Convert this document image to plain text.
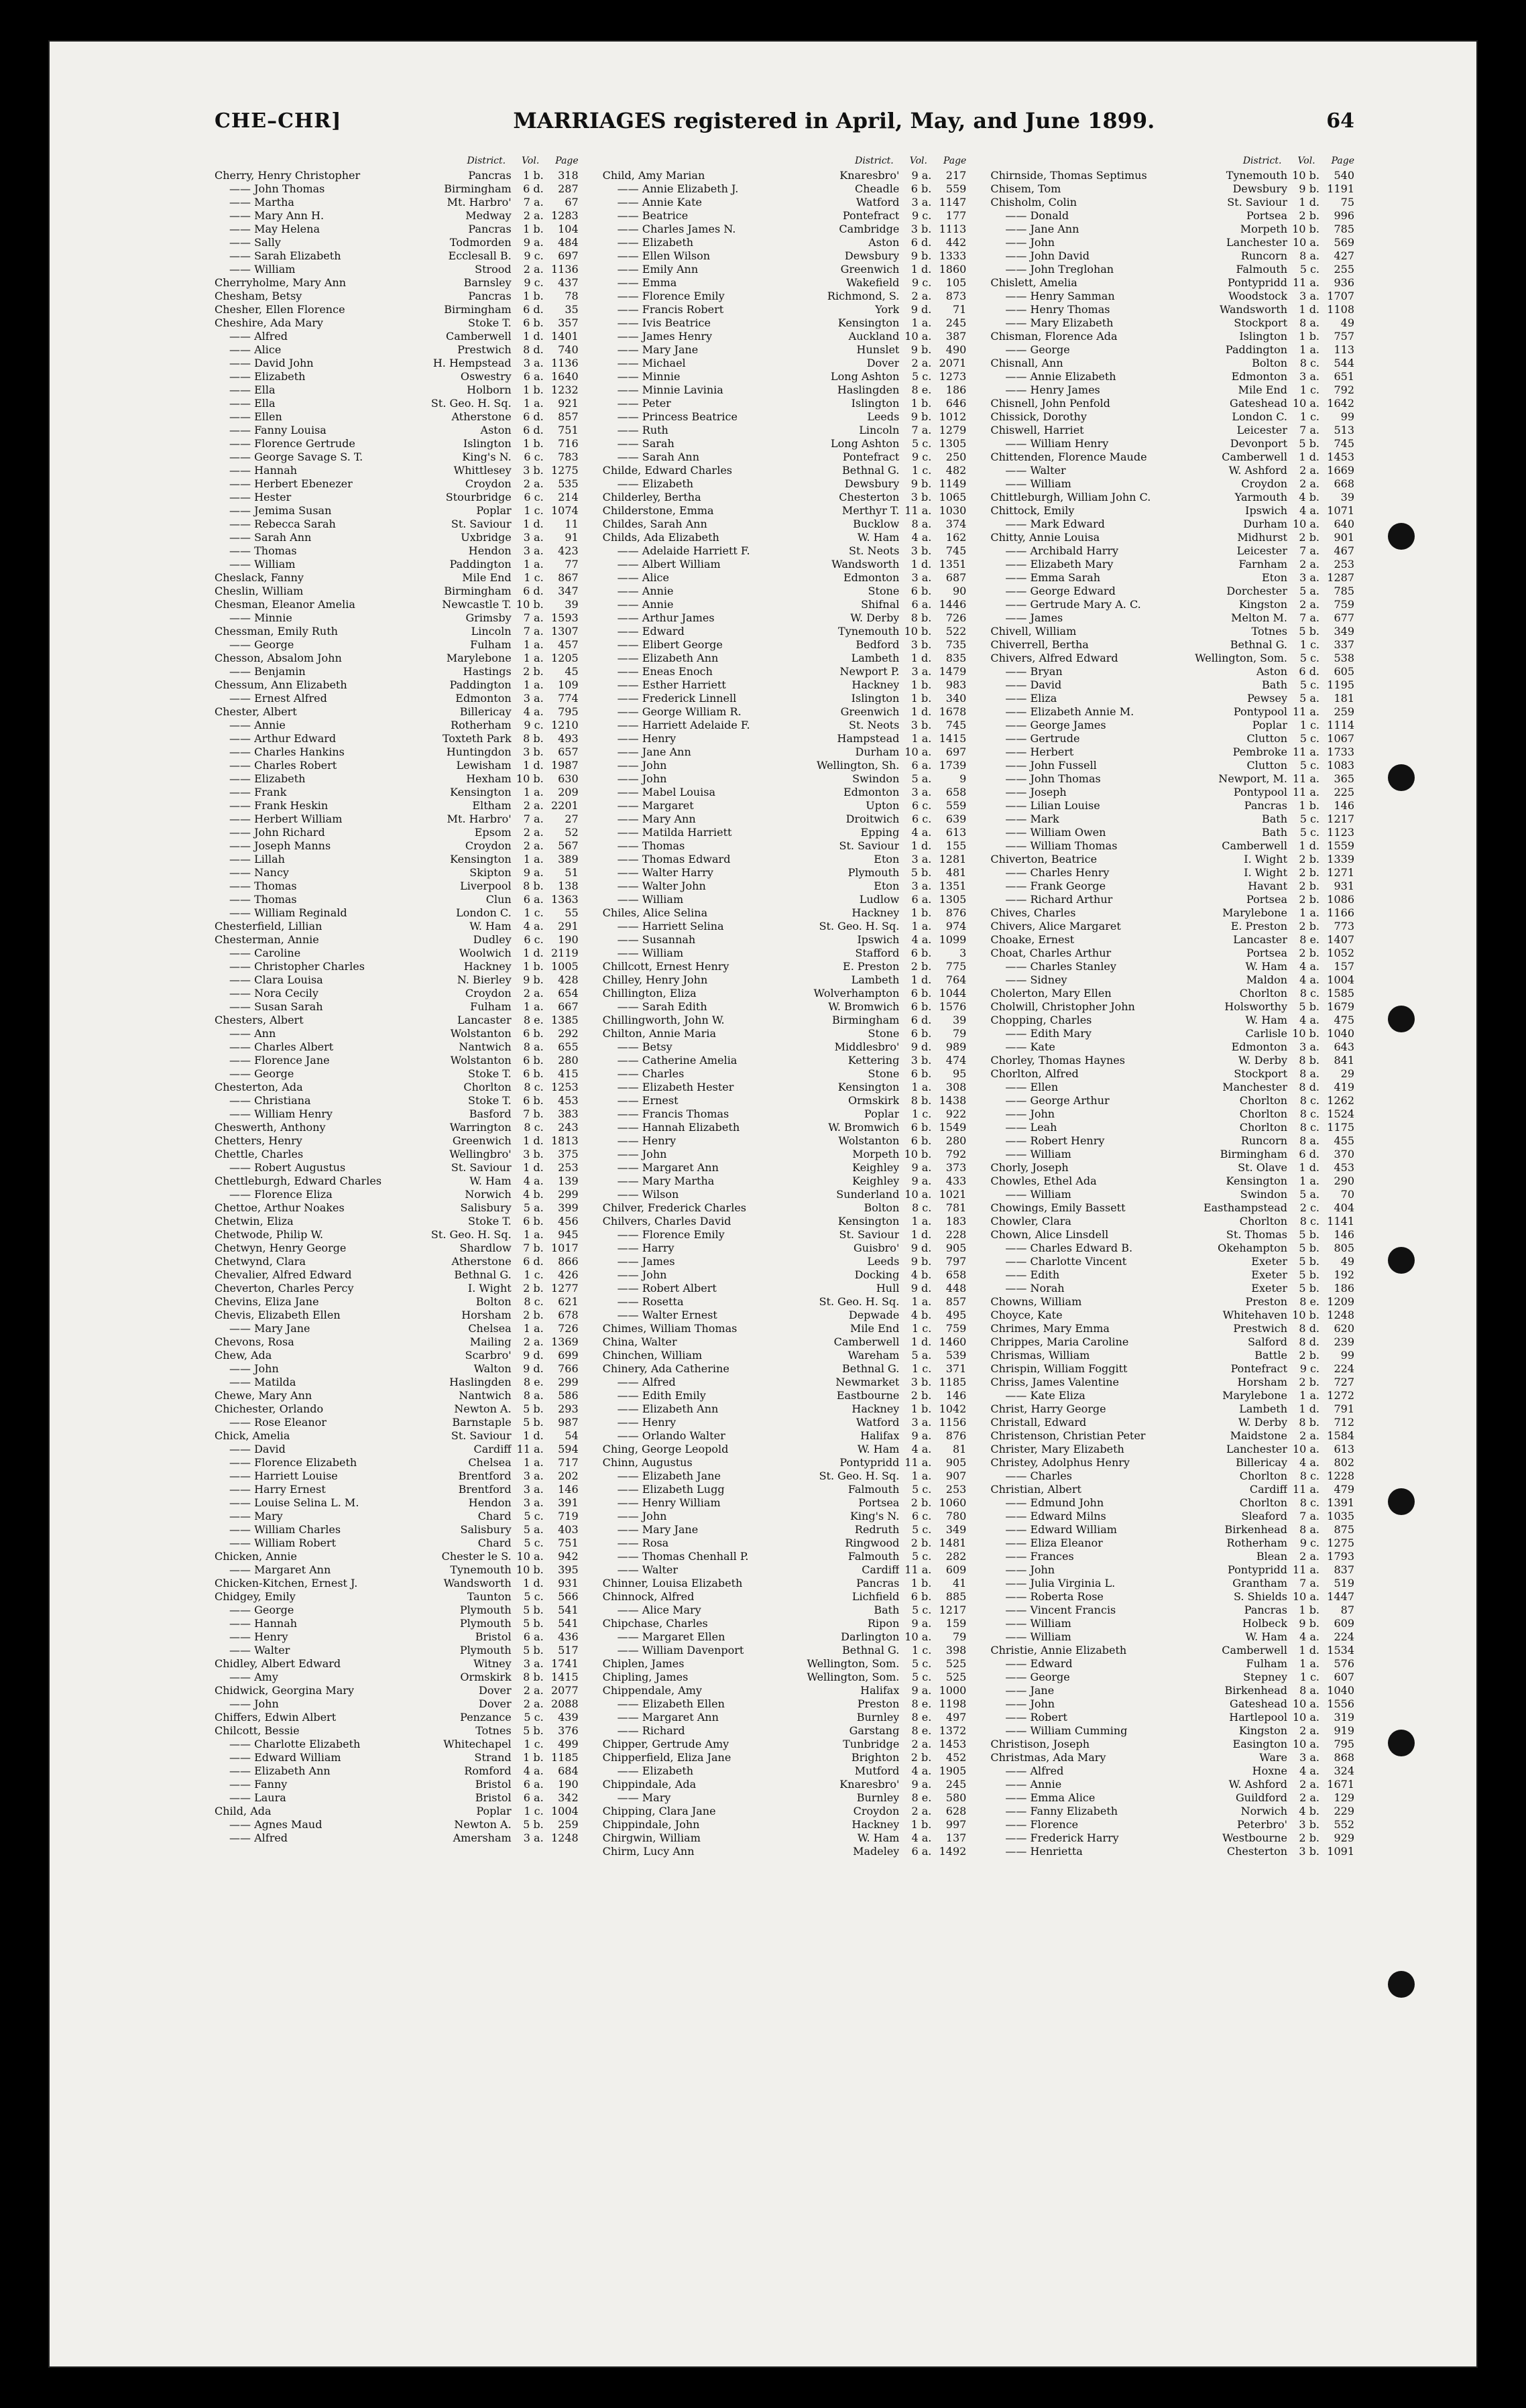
CHE–CHR]	MARRIAGES registered in April, May, and June 1899.	64
District. Vol. Page
Cherry, Henry Christopher	Pancras	1 b.	318
—— John Thomas	Birmingham	6 d.	287
—— Martha	Mt. Harbro'	7 a.	67
—— Mary Ann H.	Medway	2 a. 1283
—— May Helena	Pancras	1 b.	104
—— Sally	Todmorden	9 a.	484
—— Sarah Elizabeth	Ecclesall B.	9 c.	697
—— William	Strood	2 a. 1136
Cherryholme, Mary Ann	Barnsley	9 c.	437
Chesham, Betsy	Pancras	1 b.	78
Chesher, Ellen Florence	Birmingham	6 d.	35
Cheshire, Ada Mary	Stoke T.	6 b.	357
—— Alfred	Camberwell	1 d. 1401
—— Alice	Prestwich	8 d.	740
—— David John	H. Hempstead	3 a. 1136
—— Elizabeth	Oswestry	6 a. 1640
—— Ella	Holborn	1 b. 1232
—— Ella	St. Geo. H. Sq.	1 a.	921
—— Ellen	Atherstone	6 d.	857
—— Fanny Louisa	Aston	6 d.	751
—— Florence Gertrude	Islington	1 b.	716
—— George Savage S. T.	King's N.	6 c.	783
—— Hannah	Whittlesey	3 b. 1275
—— Herbert Ebenezer	Croydon	2 a.	535
—— Hester	Stourbridge	6 c.	214
—— Jemima Susan	Poplar	1 c. 1074
—— Rebecca Sarah	St. Saviour	1 d.	11
—— Sarah Ann	Uxbridge	3 a.	91
—— Thomas	Hendon	3 a.	423
—— William	Paddington	1 a.	77
Cheslack, Fanny	Mile End	1 c.	867
Cheslin, William	Birmingham	6 d.	347
Chesman, Eleanor Amelia	Newcastle T. 10 b.	39
—— Minnie	Grimsby	7 a. 1593
Chessman, Emily Ruth	Lincoln	7 a. 1307
—— George	Fulham	1 a.	457
Chesson, Absalom John	Marylebone	1 a. 1205
—— Benjamin	Hastings	2 b.	45
Chessum, Ann Elizabeth	Paddington	1 a.	109
—— Ernest Alfred	Edmonton	3 a.	774
Chester, Albert	Billericay	4 a.	795
—— Annie	Rotherham	9 c. 1210
—— Arthur Edward	Toxteth Park	8 b.	493
—— Charles Hankins	Huntingdon	3 b.	657
—— Charles Robert	Lewisham	1 d. 1987
—— Elizabeth	Hexham 10 b.	630
—— Frank	Kensington	1 a.	209
—— Frank Heskin	Eltham	2 a. 2201
—— Herbert William	Mt. Harbro'	7 a.	27
—— John Richard	Epsom	2 a.	52
—— Joseph Manns	Croydon	2 a.	567
—— Lillah	Kensington	1 a.	389
—— Nancy	Skipton	9 a.	51
—— Thomas	Liverpool	8 b.	138
—— Thomas	Clun	6 a. 1363
—— William Reginald	London C.	1 c.	55
Chesterfield, Lillian	W. Ham	4 a.	291
Chesterman, Annie	Dudley	6 c.	190
—— Caroline	Woolwich	1 d. 2119
—— Christopher Charles	Hackney	1 b. 1005
—— Clara Louisa	N. Bierley	9 b.	428
—— Nora Cecily	Croydon	2 a.	654
—— Susan Sarah	Fulham	1 a.	667
Chesters, Albert	Lancaster	8 e. 1385
—— Ann	Wolstanton	6 b.	292
—— Charles Albert	Nantwich	8 a.	655
—— Florence Jane	Wolstanton	6 b.	280
—— George	Stoke T.	6 b.	415
Chesterton, Ada	Chorlton	8 c. 1253
—— Christiana	Stoke T.	6 b.	453
—— William Henry	Basford	7 b.	383
Cheswerth, Anthony	Warrington	8 c.	243
Chetters, Henry	Greenwich	1 d. 1813
Chettle, Charles	Wellingbro'	3 b.	375
—— Robert Augustus	St. Saviour	1 d.	253
Chettleburgh, Edward Charles	W. Ham	4 a.	139
—— Florence Eliza	Norwich	4 b.	299
Chettoe, Arthur Noakes	Salisbury	5 a.	399
Chetwin, Eliza	Stoke T.	6 b.	456
Chetwode, Philip W.	St. Geo. H. Sq.	1 a.	945
Chetwyn, Henry George	Shardlow	7 b. 1017
Chetwynd, Clara	Atherstone	6 d.	866
Chevalier, Alfred Edward	Bethnal G.	1 c.	426
Cheverton, Charles Percy	I. Wight	2 b. 1277
Chevins, Eliza Jane	Bolton	8 c.	621
Chevis, Elizabeth Ellen	Horsham	2 b.	678
—— Mary Jane	Chelsea	1 a.	726
Chevons, Rosa	Mailing	2 a. 1369
Chew, Ada	Scarbro'	9 d.	699
—— John	Walton	9 d.	766
—— Matilda	Haslingden	8 e.	299
Chewe, Mary Ann	Nantwich	8 a.	586
Chichester, Orlando	Newton A.	5 b.	293
—— Rose Eleanor	Barnstaple	5 b.	987
Chick, Amelia	St. Saviour	1 d.	54
—— David	Cardiff 11 a.	594
—— Florence Elizabeth	Chelsea	1 a.	717
—— Harriett Louise	Brentford	3 a.	202
—— Harry Ernest	Brentford	3 a.	146
—— Louise Selina L. M.	Hendon	3 a.	391
—— Mary	Chard	5 c.	719
—— William Charles	Salisbury	5 a.	403
—— William Robert	Chard	5 c.	751
Chicken, Annie	Chester le S. 10 a.	942
—— Margaret Ann	Tynemouth 10 b.	395
Chicken-Kitchen, Ernest J.	Wandsworth	1 d.	931
Chidgey, Emily	Taunton	5 c.	566
—— George	Plymouth	5 b.	541
—— Hannah	Plymouth	5 b.	541
—— Henry	Bristol	6 a.	436
—— Walter	Plymouth	5 b.	517
Chidley, Albert Edward	Witney	3 a. 1741
—— Amy	Ormskirk	8 b. 1415
Chidwick, Georgina Mary	Dover	2 a. 2077
—— John	Dover	2 a. 2088
Chiffers, Edwin Albert	Penzance	5 c.	439
Chilcott, Bessie	Totnes	5 b.	376
—— Charlotte Elizabeth	Whitechapel	1 c.	499
—— Edward William	Strand	1 b. 1185
—— Elizabeth Ann	Romford	4 a.	684
—— Fanny	Bristol	6 a.	190
—— Laura	Bristol	6 a.	342
Child, Ada	Poplar	1 c. 1004
—— Agnes Maud	Newton A.	5 b.	259
—— Alfred	Amersham	3 a. 1248
District. Vol. Page
Child, Amy Marian	Knaresbro'	9 a.	217
—— Annie Elizabeth J.	Cheadle	6 b.	559
—— Annie Kate	Watford	3 a. 1147
—— Beatrice	Pontefract	9 c.	177
—— Charles James N.	Cambridge	3 b. 1113
—— Elizabeth	Aston	6 d.	442
—— Ellen Wilson	Dewsbury	9 b. 1333
—— Emily Ann	Greenwich	1 d. 1860
—— Emma	Wakefield	9 c.	105
—— Florence Emily	Richmond, S.	2 a.	873
—— Francis Robert	York	9 d.	71
—— Ivis Beatrice	Kensington	1 a.	245
—— James Henry	Auckland 10 a.	387
—— Mary Jane	Hunslet	9 b.	490
—— Michael	Dover	2 a. 2071
—— Minnie	Long Ashton	5 c. 1273
—— Minnie Lavinia	Haslingden	8 e.	186
—— Peter	Islington	1 b.	646
—— Princess Beatrice	Leeds	9 b. 1012
—— Ruth	Lincoln	7 a. 1279
—— Sarah	Long Ashton	5 c. 1305
—— Sarah Ann	Pontefract	9 c.	250
Childe, Edward Charles	Bethnal G.	1 c.	482
—— Elizabeth	Dewsbury	9 b. 1149
Childerley, Bertha	Chesterton	3 b. 1065
Childerstone, Emma	Merthyr T. 11 a. 1030
Childes, Sarah Ann	Bucklow	8 a.	374
Childs, Ada Elizabeth	W. Ham	4 a.	162
—— Adelaide Harriett F.	St. Neots	3 b.	745
—— Albert William	Wandsworth	1 d. 1351
—— Alice	Edmonton	3 a.	687
—— Annie	Stone	6 b.	90
—— Annie	Shifnal	6 a. 1446
—— Arthur James	W. Derby	8 b.	726
—— Edward	Tynemouth 10 b.	522
—— Elibert George	Bedford	3 b.	735
—— Elizabeth Ann	Lambeth	1 d.	835
—— Eneas Enoch	Newport P.	3 a. 1479
—— Esther Harriett	Hackney	1 b.	983
—— Frederick Linnell	Islington	1 b.	340
—— George William R.	Greenwich	1 d. 1678
—— Harriett Adelaide F.	St. Neots	3 b.	745
—— Henry	Hampstead	1 a. 1415
—— Jane Ann	Durham 10 a.	697
—— John	Wellington, Sh.	6 a. 1739
—— John	Swindon	5 a.	9
—— Mabel Louisa	Edmonton	3 a.	658
—— Margaret	Upton	6 c.	559
—— Mary Ann	Droitwich	6 c.	639
—— Matilda Harriett	Epping	4 a.	613
—— Thomas	St. Saviour	1 d.	155
—— Thomas Edward	Eton	3 a. 1281
—— Walter Harry	Plymouth	5 b.	481
—— Walter John	Eton	3 a. 1351
—— William	Ludlow	6 a. 1305
Chiles, Alice Selina	Hackney	1 b.	876
—— Harriett Selina	St. Geo. H. Sq.	1 a.	974
—— Susannah	Ipswich	4 a. 1099
—— William	Stafford	6 b.	3
Chillcott, Ernest Henry	E. Preston	2 b.	775
Chilley, Henry John	Lambeth	1 d.	764
Chillington, Eliza	Wolverhampton	6 b. 1044
—— Sarah Edith	W. Bromwich	6 b. 1576
Chillingworth, John W.	Birmingham	6 d.	39
Chilton, Annie Maria	Stone	6 b.	79
—— Betsy	Middlesbro'	9 d.	989
—— Catherine Amelia	Kettering	3 b.	474
—— Charles	Stone	6 b.	95
—— Elizabeth Hester	Kensington	1 a.	308
—— Ernest	Ormskirk	8 b. 1438
—— Francis Thomas	Poplar	1 c.	922
—— Hannah Elizabeth	W. Bromwich	6 b. 1549
—— Henry	Wolstanton	6 b.	280
—— John	Morpeth 10 b.	792
—— Margaret Ann	Keighley	9 a.	373
—— Mary Martha	Keighley	9 a.	433
—— Wilson	Sunderland 10 a. 1021
Chilver, Frederick Charles	Bolton	8 c.	781
Chilvers, Charles David	Kensington	1 a.	183
—— Florence Emily	St. Saviour	1 d.	228
—— Harry	Guisbro'	9 d.	905
—— James	Leeds	9 b.	797
—— John	Docking	4 b.	658
—— Robert Albert	Hull	9 d.	448
—— Rosetta	St. Geo. H. Sq.	1 a.	857
—— Walter Ernest	Depwade	4 b.	495
Chimes, William Thomas	Mile End	1 c.	759
China, Walter	Camberwell	1 d. 1460
Chinchen, William	Wareham	5 a.	539
Chinery, Ada Catherine	Bethnal G.	1 c.	371
—— Alfred	Newmarket	3 b. 1185
—— Edith Emily	Eastbourne	2 b.	146
—— Elizabeth Ann	Hackney	1 b. 1042
—— Henry	Watford	3 a. 1156
—— Orlando Walter	Halifax	9 a.	876
Ching, George Leopold	W. Ham	4 a.	81
Chinn, Augustus	Pontypridd 11 a.	905
—— Elizabeth Jane	St. Geo. H. Sq.	1 a.	907
—— Elizabeth Lugg	Falmouth	5 c.	253
—— Henry William	Portsea	2 b. 1060
—— John	King's N.	6 c.	780
—— Mary Jane	Redruth	5 c.	349
—— Rosa	Ringwood	2 b. 1481
—— Thomas Chenhall P.	Falmouth	5 c.	282
—— Walter	Cardiff 11 a.	609
Chinner, Louisa Elizabeth	Pancras	1 b.	41
Chinnock, Alfred	Lichfield	6 b.	885
—— Alice Mary	Bath	5 c. 1217
Chipchase, Charles	Ripon	9 a.	159
—— Margaret Ellen	Darlington 10 a.	79
—— William Davenport	Bethnal G.	1 c.	398
Chiplen, James	Wellington, Som.	5 c.	525
Chipling, James	Wellington, Som.	5 c.	525
Chippendale, Amy	Halifax	9 a. 1000
—— Elizabeth Ellen	Preston	8 e. 1198
—— Margaret Ann	Burnley	8 e.	497
—— Richard	Garstang	8 e. 1372
Chipper, Gertrude Amy	Tunbridge	2 a. 1453
Chipperfield, Eliza Jane	Brighton	2 b.	452
—— Elizabeth	Mutford	4 a. 1905
Chippindale, Ada	Knaresbro'	9 a.	245
—— Mary	Burnley	8 e.	580
Chipping, Clara Jane	Croydon	2 a.	628
Chippindale, John	Hackney	1 b.	997
Chirgwin, William	W. Ham	4 a.	137
Chirm, Lucy Ann	Madeley	6 a. 1492
District. Vol. Page
Chirnside, Thomas Septimus	Tynemouth 10 b.	540
Chisem, Tom	Dewsbury	9 b. 1191
Chisholm, Colin	St. Saviour	1 d.	75
—— Donald	Portsea	2 b.	996
—— Jane Ann	Morpeth 10 b.	785
—— John	Lanchester 10 a.	569
—— John David	Runcorn	8 a.	427
—— John Treglohan	Falmouth	5 c.	255
Chislett, Amelia	Pontypridd 11 a.	936
—— Henry Samman	Woodstock	3 a. 1707
—— Henry Thomas	Wandsworth	1 d. 1108
—— Mary Elizabeth	Stockport	8 a.	49
Chisman, Florence Ada	Islington	1 b.	757
—— George	Paddington	1 a.	113
Chisnall, Ann	Bolton	8 c.	544
—— Annie Elizabeth	Edmonton	3 a.	651
—— Henry James	Mile End	1 c.	792
Chisnell, John Penfold	Gateshead 10 a. 1642
Chissick, Dorothy	London C.	1 c.	99
Chiswell, Harriet	Leicester	7 a.	513
—— William Henry	Devonport	5 b.	745
Chittenden, Florence Maude	Camberwell	1 d. 1453
—— Walter	W. Ashford	2 a. 1669
—— William	Croydon	2 a.	668
Chittleburgh, William John C.	Yarmouth	4 b.	39
Chittock, Emily	Ipswich	4 a. 1071
—— Mark Edward	Durham 10 a.	640
Chitty, Annie Louisa	Midhurst	2 b.	901
—— Archibald Harry	Leicester	7 a.	467
—— Elizabeth Mary	Farnham	2 a.	253
—— Emma Sarah	Eton	3 a. 1287
—— George Edward	Dorchester	5 a.	785
—— Gertrude Mary A. C.	Kingston	2 a.	759
—— James	Melton M.	7 a.	677
Chivell, William	Totnes	5 b.	349
Chiverrell, Bertha	Bethnal G.	1 c.	337
Chivers, Alfred Edward	Wellington, Som.	5 c.	538
—— Bryan	Aston	6 d.	605
—— David	Bath	5 c. 1195
—— Eliza	Pewsey	5 a.	181
—— Elizabeth Annie M.	Pontypool 11 a.	259
—— George James	Poplar	1 c. 1114
—— Gertrude	Clutton	5 c. 1067
—— Herbert	Pembroke 11 a. 1733
—— John Fussell	Clutton	5 c. 1083
—— John Thomas	Newport, M. 11 a.	365
—— Joseph	Pontypool 11 a.	225
—— Lilian Louise	Pancras	1 b.	146
—— Mark	Bath	5 c. 1217
—— William Owen	Bath	5 c. 1123
—— William Thomas	Camberwell	1 d. 1559
Chiverton, Beatrice	I. Wight	2 b. 1339
—— Charles Henry	I. Wight	2 b. 1271
—— Frank George	Havant	2 b.	931
—— Richard Arthur	Portsea	2 b. 1086
Chives, Charles	Marylebone	1 a. 1166
Chivers, Alice Margaret	E. Preston	2 b.	773
Choake, Ernest	Lancaster	8 e. 1407
Choat, Charles Arthur	Portsea	2 b. 1052
—— Charles Stanley	W. Ham	4 a.	157
—— Sidney	Maldon	4 a. 1004
Cholerton, Mary Ellen	Chorlton	8 c. 1585
Cholwill, Christopher John	Holsworthy	5 b. 1679
Chopping, Charles	W. Ham	4 a.	475
—— Edith Mary	Carlisle 10 b. 1040
—— Kate	Edmonton	3 a.	643
Chorley, Thomas Haynes	W. Derby	8 b.	841
Chorlton, Alfred	Stockport	8 a.	29
—— Ellen	Manchester	8 d.	419
—— George Arthur	Chorlton	8 c. 1262
—— John	Chorlton	8 c. 1524
—— Leah	Chorlton	8 c. 1175
—— Robert Henry	Runcorn	8 a.	455
—— William	Birmingham	6 d.	370
Chorly, Joseph	St. Olave	1 d.	453
Chowles, Ethel Ada	Kensington	1 a.	290
—— William	Swindon	5 a.	70
Chowings, Emily Bassett	Easthampstead	2 c.	404
Chowler, Clara	Chorlton	8 c. 1141
Chown, Alice Linsdell	St. Thomas	5 b.	146
—— Charles Edward B.	Okehampton	5 b.	805
—— Charlotte Vincent	Exeter	5 b.	49
—— Edith	Exeter	5 b.	192
—— Norah	Exeter	5 b.	186
Chowns, William	Preston	8 e. 1209
Choyce, Kate	Whitehaven 10 b. 1248
Chrimes, Mary Emma	Prestwich	8 d.	620
Chrippes, Maria Caroline	Salford	8 d.	239
Chrismas, William	Battle	2 b.	99
Chrispin, William Foggitt	Pontefract	9 c.	224
Chriss, James Valentine	Horsham	2 b.	727
—— Kate Eliza	Marylebone	1 a. 1272
Christ, Harry George	Lambeth	1 d.	791
Christall, Edward	W. Derby	8 b.	712
Christenson, Christian Peter	Maidstone	2 a. 1584
Christer, Mary Elizabeth	Lanchester 10 a.	613
Christey, Adolphus Henry	Billericay	4 a.	802
—— Charles	Chorlton	8 c. 1228
Christian, Albert	Cardiff 11 a.	479
—— Edmund John	Chorlton	8 c. 1391
—— Edward Milns	Sleaford	7 a. 1035
—— Edward William	Birkenhead	8 a.	875
—— Eliza Eleanor	Rotherham	9 c. 1275
—— Frances	Blean	2 a. 1793
—— John	Pontypridd 11 a.	837
—— Julia Virginia L.	Grantham	7 a.	519
—— Roberta Rose	S. Shields 10 a. 1447
—— Vincent Francis	Pancras	1 b.	87
—— William	Holbeck	9 b.	609
—— William	W. Ham	4 a.	224
Christie, Annie Elizabeth	Camberwell	1 d. 1534
—— Edward	Fulham	1 a.	576
—— George	Stepney	1 c.	607
—— Jane	Birkenhead	8 a. 1040
—— John	Gateshead 10 a. 1556
—— Robert	Hartlepool 10 a.	319
—— William Cumming	Kingston	2 a.	919
Christison, Joseph	Easington 10 a.	795
Christmas, Ada Mary	Ware	3 a.	868
—— Alfred	Hoxne	4 a.	324
—— Annie	W. Ashford	2 a. 1671
—— Emma Alice	Guildford	2 a.	129
—— Fanny Elizabeth	Norwich	4 b.	229
—— Florence	Peterbro'	3 b.	552
—— Frederick Harry	Westbourne	2 b.	929
—— Henrietta	Chesterton	3 b. 1091
